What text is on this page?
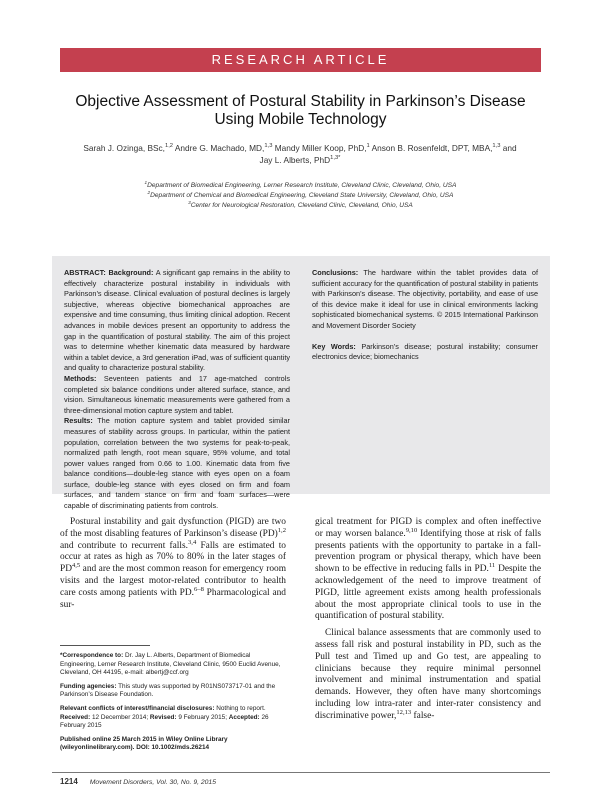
RESEARCH ARTICLE
Objective Assessment of Postural Stability in Parkinson’s Disease Using Mobile Technology
Sarah J. Ozinga, BSc,$^{1,2}$ Andre G. Machado, MD,$^{1,3}$ Mandy Miller Koop, PhD,$^1$ Anson B. Rosenfeldt, DPT, MBA,$^{1,3}$ and Jay L. Alberts, PhD$^{1,3*}$
$^1$Department of Biomedical Engineering, Lerner Research Institute, Cleveland Clinic, Cleveland, Ohio, USA
$^2$Department of Chemical and Biomedical Engineering, Cleveland State University, Cleveland, Ohio, USA
$^3$Center for Neurological Restoration, Cleveland Clinic, Cleveland, Ohio, USA

ABSTRACT: Background: A significant gap remains in the ability to effectively characterize postural instability in individuals with Parkinson’s disease. Clinical evaluation of postural declines is largely subjective, whereas objective biomechanical approaches are expensive and time consuming, thus limiting clinical adoption. Recent advances in mobile devices present an opportunity to address the gap in the quantification of postural stability. The aim of this project was to determine whether kinematic data measured by hardware within a tablet device, a 3rd generation iPad, was of sufficient quantity and quality to characterize postural stability.

Methods: Seventeen patients and 17 age-matched controls completed six balance conditions under altered surface, stance, and vision. Simultaneous kinematic measurements were gathered from a three-dimensional motion capture system and tablet.

Results: The motion capture system and tablet provided similar measures of stability across groups. In particular, within the patient population, correlation between the two systems for peak-to-peak, normalized path length, root mean square, 95% volume, and total power values ranged from 0.66 to 1.00. Kinematic data from five balance conditions—double-leg stance with eyes open on a foam surface, double-leg stance with eyes closed on firm and foam surfaces, and tandem stance on firm and foam surfaces—were capable of discriminating patients from controls.

Conclusions: The hardware within the tablet provides data of sufficient accuracy for the quantification of postural stability in patients with Parkinson’s disease. The objectivity, portability, and ease of use of this device make it ideal for use in clinical environments lacking sophisticated biomechanical systems. © 2015 International Parkinson and Movement Disorder Society

Key Words: Parkinson’s disease; postural instability; consumer electronics device; biomechanics

Postural instability and gait dysfunction (PIGD) are two of the most disabling features of Parkinson’s disease (PD)$^{1,2}$ and contribute to recurrent falls.$^{3,4}$ Falls are estimated to occur at rates as high as 70% to 80% in the later stages of PD$^{4,5}$ and are the most common reason for emergency room visits and the largest motor-related contributor to health care costs among patients with PD.$^{6-8}$ Pharmacological and sur-

gical treatment for PIGD is complex and often ineffective or may worsen balance.$^{9,10}$ Identifying those at risk of falls presents patients with the opportunity to partake in a fall-prevention program or physical therapy, which have been shown to be effective in reducing falls in PD.$^{11}$ Despite the acknowledgement of the need to improve treatment of PIGD, little agreement exists among health professionals about the most appropriate clinical tools to use in the quantification of postural stability.

Clinical balance assessments that are commonly used to assess fall risk and postural instability in PD, such as the Pull test and Timed up and Go test, are appealing to clinicians because they require minimal personnel involvement and minimal instrumentation and spatial demands. However, they often have many shortcomings including low intra-rater and inter-rater consistency and discriminative power,$^{12,13}$ false-

*Correspondence to: Dr. Jay L. Alberts, Department of Biomedical Engineering, Lerner Research Institute, Cleveland Clinic, 9500 Euclid Avenue, Cleveland, OH 44195, e-mail: albertj@ccf.org

Funding agencies: This study was supported by R01NS073717-01 and the Parkinson’s Disease Foundation.

Relevant conflicts of interest/financial disclosures: Nothing to report.
Received: 12 December 2014; Revised: 9 February 2015; Accepted: 26 February 2015

Published online 25 March 2015 in Wiley Online Library (wileyonlinelibrary.com). DOI: 10.1002/mds.26214

1214 Movement Disorders, Vol. 30, No. 9, 2015
